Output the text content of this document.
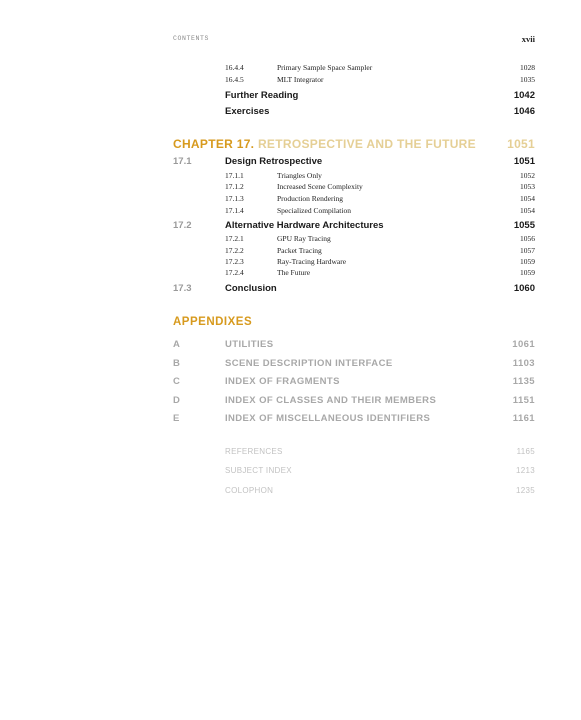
CONTENTS	xvii
16.4.4	Primary Sample Space Sampler	1028
16.4.5	MLT Integrator	1035
Further Reading	1042
Exercises	1046
CHAPTER 17. RETROSPECTIVE AND THE FUTURE	1051
17.1	Design Retrospective	1051
17.1.1	Triangles Only	1052
17.1.2	Increased Scene Complexity	1053
17.1.3	Production Rendering	1054
17.1.4	Specialized Compilation	1054
17.2	Alternative Hardware Architectures	1055
17.2.1	GPU Ray Tracing	1056
17.2.2	Packet Tracing	1057
17.2.3	Ray-Tracing Hardware	1059
17.2.4	The Future	1059
17.3	Conclusion	1060
APPENDIXES
A	UTILITIES	1061
B	SCENE DESCRIPTION INTERFACE	1103
C	INDEX OF FRAGMENTS	1135
D	INDEX OF CLASSES AND THEIR MEMBERS	1151
E	INDEX OF MISCELLANEOUS IDENTIFIERS	1161
REFERENCES	1165
SUBJECT INDEX	1213
COLOPHON	1235
